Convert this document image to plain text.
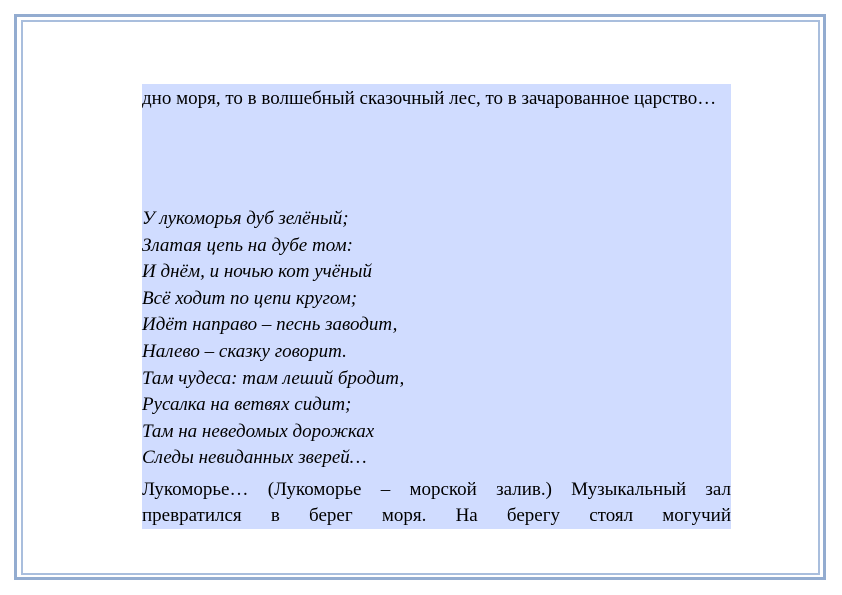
дно моря, то в волшебный сказочный лес, то в зачарованное царство…

У лукоморья дуб зелёный;
Златая цепь на дубе том:
И днём, и ночью кот учёный
Всё ходит по цепи кругом;
Идёт направо – песнь заводит,
Налево – сказку говорит.
Там чудеса: там леший бродит,
Русалка на ветвях сидит;
Там на неведомых дорожках
Следы невиданных зверей…
Лукоморье… (Лукоморье – морской залив.) Музыкальный зал
превратился в берег моря. На берегу стоял могучий
